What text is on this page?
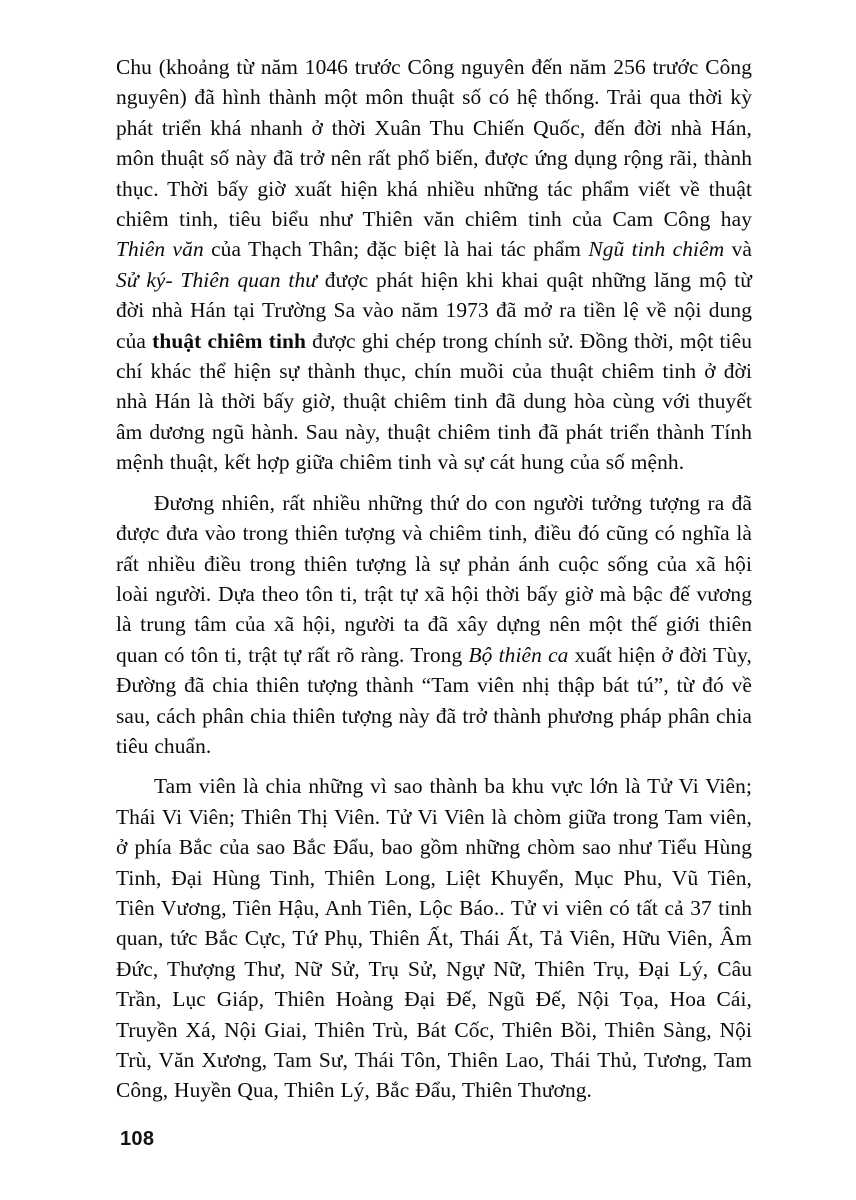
Chu (khoảng từ năm 1046 trước Công nguyên đến năm 256 trước Công nguyên) đã hình thành một môn thuật số có hệ thống. Trải qua thời kỳ phát triển khá nhanh ở thời Xuân Thu Chiến Quốc, đến đời nhà Hán, môn thuật số này đã trở nên rất phổ biến, được ứng dụng rộng rãi, thành thục. Thời bấy giờ xuất hiện khá nhiều những tác phẩm viết về thuật chiêm tinh, tiêu biểu như Thiên văn chiêm tinh của Cam Công hay Thiên văn của Thạch Thân; đặc biệt là hai tác phẩm Ngũ tinh chiêm và Sử ký- Thiên quan thư được phát hiện khi khai quật những lăng mộ từ đời nhà Hán tại Trường Sa vào năm 1973 đã mở ra tiền lệ về nội dung của thuật chiêm tinh được ghi chép trong chính sử. Đồng thời, một tiêu chí khác thể hiện sự thành thục, chín muồi của thuật chiêm tinh ở đời nhà Hán là thời bấy giờ, thuật chiêm tinh đã dung hòa cùng với thuyết âm dương ngũ hành. Sau này, thuật chiêm tinh đã phát triển thành Tính mệnh thuật, kết hợp giữa chiêm tinh và sự cát hung của số mệnh.

Đương nhiên, rất nhiều những thứ do con người tưởng tượng ra đã được đưa vào trong thiên tượng và chiêm tinh, điều đó cũng có nghĩa là rất nhiều điều trong thiên tượng là sự phản ánh cuộc sống của xã hội loài người. Dựa theo tôn ti, trật tự xã hội thời bấy giờ mà bậc đế vương là trung tâm của xã hội, người ta đã xây dựng nên một thế giới thiên quan có tôn ti, trật tự rất rõ ràng. Trong Bộ thiên ca xuất hiện ở đời Tùy, Đường đã chia thiên tượng thành “Tam viên nhị thập bát tú”, từ đó về sau, cách phân chia thiên tượng này đã trở thành phương pháp phân chia tiêu chuẩn.

Tam viên là chia những vì sao thành ba khu vực lớn là Tử Vi Viên; Thái Vi Viên; Thiên Thị Viên. Tử Vi Viên là chòm giữa trong Tam viên, ở phía Bắc của sao Bắc Đẩu, bao gồm những chòm sao như Tiểu Hùng Tinh, Đại Hùng Tinh, Thiên Long, Liệt Khuyển, Mục Phu, Vũ Tiên, Tiên Vương, Tiên Hậu, Anh Tiên, Lộc Báo.. Tử vi viên có tất cả 37 tinh quan, tức Bắc Cực, Tứ Phụ, Thiên Ất, Thái Ất, Tả Viên, Hữu Viên, Âm Đức, Thượng Thư, Nữ Sử, Trụ Sử, Ngự Nữ, Thiên Trụ, Đại Lý, Câu Trần, Lục Giáp, Thiên Hoàng Đại Đế, Ngũ Đế, Nội Tọa, Hoa Cái, Truyền Xá, Nội Giai, Thiên Trù, Bát Cốc, Thiên Bồi, Thiên Sàng, Nội Trù, Văn Xương, Tam Sư, Thái Tôn, Thiên Lao, Thái Thủ, Tương, Tam Công, Huyền Qua, Thiên Lý, Bắc Đẩu, Thiên Thương.

108
